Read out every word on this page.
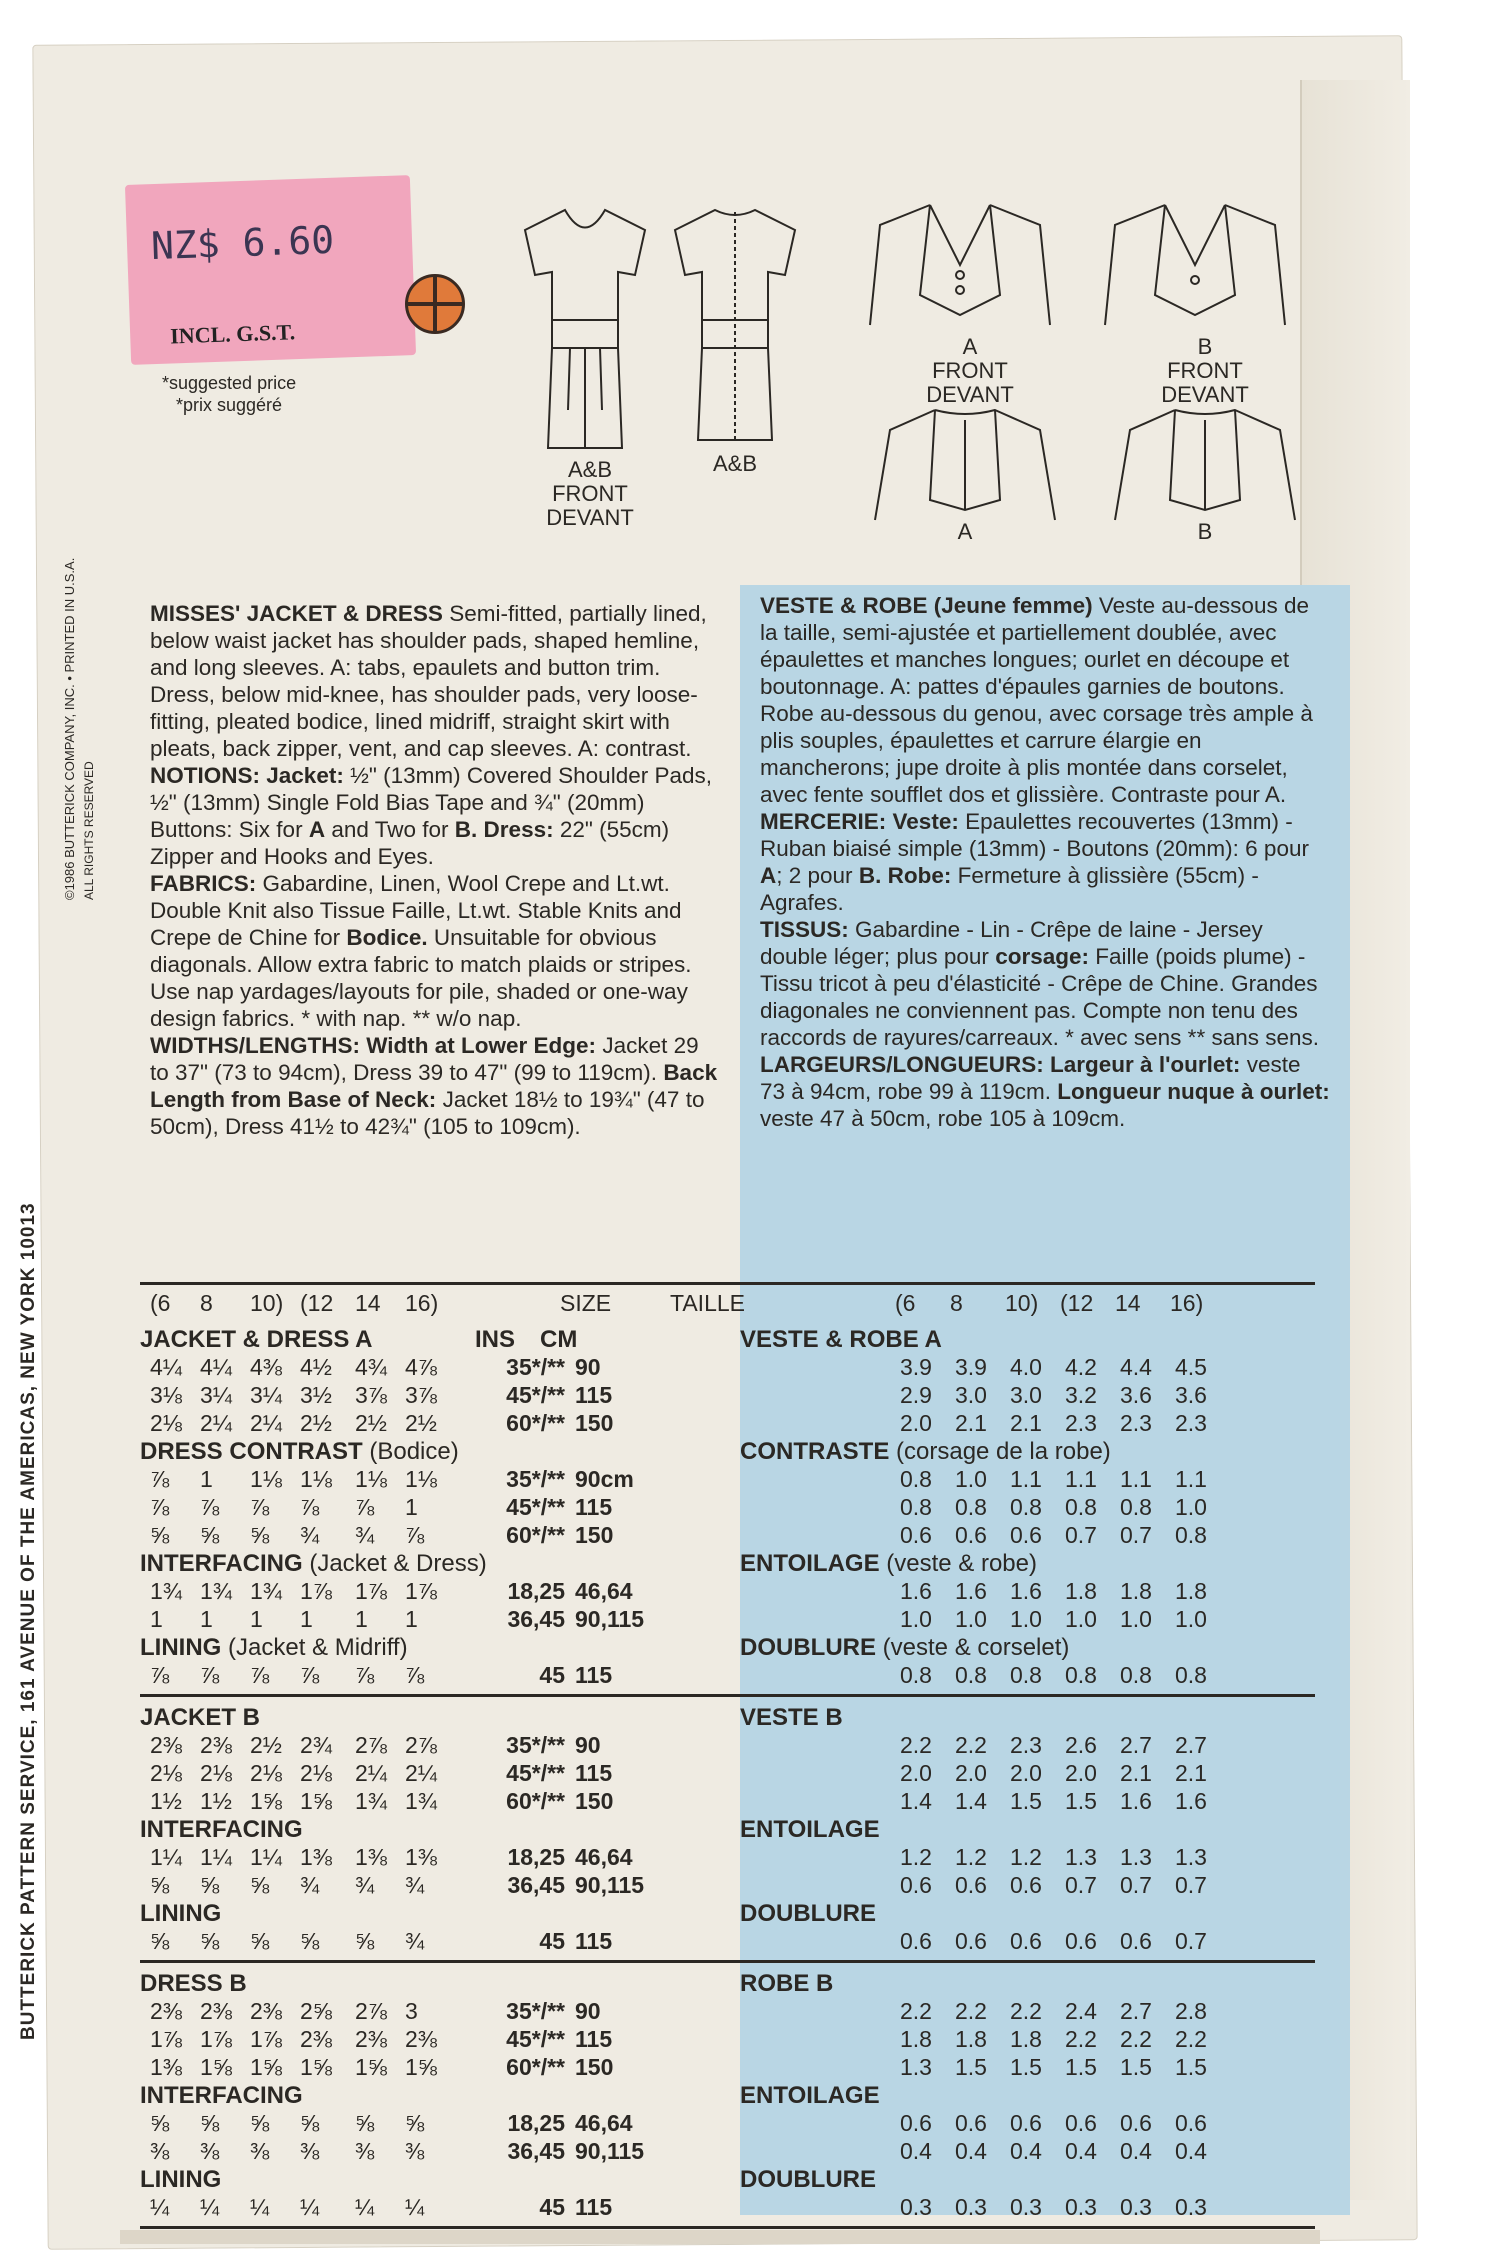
NZ$ 6.60
INCL. G.S.T.
*suggested price
*prix suggéré
BUTTERICK PATTERN SERVICE, 161 AVENUE OF THE AMERICAS, NEW YORK 10013
©1986 BUTTERICK COMPANY, INC. • PRINTED IN U.S.A. ALL RIGHTS RESERVED
A&B
FRONT
DEVANT
A&B
A
FRONT
DEVANT
B
FRONT
DEVANT
A	B

MISSES' JACKET & DRESS Semi-fitted, partially lined, below waist jacket has shoulder pads, shaped hemline, and long sleeves. A: tabs, epaulets and button trim. Dress, below mid-knee, has shoulder pads, very loose-fitting, pleated bodice, lined midriff, straight skirt with pleats, back zipper, vent, and cap sleeves. A: contrast.

NOTIONS: Jacket: ½" (13mm) Covered Shoulder Pads, ½" (13mm) Single Fold Bias Tape and ¾" (20mm) Buttons: Six for A and Two for B. Dress: 22" (55cm) Zipper and Hooks and Eyes.

FABRICS: Gabardine, Linen, Wool Crepe and Lt.wt. Double Knit also Tissue Faille, Lt.wt. Stable Knits and Crepe de Chine for Bodice. Unsuitable for obvious diagonals. Allow extra fabric to match plaids or stripes. Use nap yardages/layouts for pile, shaded or one-way design fabrics. * with nap. ** w/o nap.

WIDTHS/LENGTHS: Width at Lower Edge: Jacket 29 to 37" (73 to 94cm), Dress 39 to 47" (99 to 119cm). Back Length from Base of Neck: Jacket 18½ to 19¾" (47 to 50cm), Dress 41½ to 42¾" (105 to 109cm).

VESTE & ROBE (Jeune femme) Veste au-dessous de la taille, semi-ajustée et partiellement doublée, avec épaulettes et manches longues; ourlet en découpe et boutonnage. A: pattes d'épaules garnies de boutons. Robe au-dessous du genou, avec corsage très ample à plis souples, épaulettes et carrure élargie en mancherons; jupe droite à plis montée dans corselet, avec fente soufflet dos et glissière. Contraste pour A.

MERCERIE: Veste: Epaulettes recouvertes (13mm) - Ruban biaisé simple (13mm) - Boutons (20mm): 6 pour A; 2 pour B. Robe: Fermeture à glissière (55cm) - Agrafes.

TISSUS: Gabardine - Lin - Crêpe de laine - Jersey double léger; plus pour corsage: Faille (poids plume) - Tissu tricot à peu d'élasticité - Crêpe de Chine. Grandes diagonales ne conviennent pas. Compte non tenu des raccords de rayures/carreaux. * avec sens ** sans sens.

LARGEURS/LONGUEURS: Largeur à l'ourlet: veste 73 à 94cm, robe 99 à 119cm. Longueur nuque à ourlet: veste 47 à 50cm, robe 105 à 109cm.

(6 8 10) (12 14 16)	SIZE	TAILLE	(6 8 10) (12 14 16)
JACKET & DRESS A	INS CM	VESTE & ROBE A
4¼ 4¼ 4⅜ 4½ 4¾ 4⅞	35*/** 90	3.9 3.9 4.0 4.2 4.4 4.5
3⅛ 3¼ 3¼ 3½ 3⅞ 3⅞	45*/** 115	2.9 3.0 3.0 3.2 3.6 3.6
2⅛ 2¼ 2¼ 2½ 2½ 2½	60*/** 150	2.0 2.1 2.1 2.3 2.3 2.3
DRESS CONTRAST (Bodice)	CONTRASTE (corsage de la robe)
⅞ 1 1⅛ 1⅛ 1⅛ 1⅛	35*/** 90cm	0.8 1.0 1.1 1.1 1.1 1.1
⅞ ⅞ ⅞ ⅞ ⅞ 1	45*/** 115	0.8 0.8 0.8 0.8 0.8 1.0
⅝ ⅝ ⅝ ¾ ¾ ⅞	60*/** 150	0.6 0.6 0.6 0.7 0.7 0.8
INTERFACING (Jacket & Dress)	ENTOILAGE (veste & robe)
1¾ 1¾ 1¾ 1⅞ 1⅞ 1⅞	18,25 46,64	1.6 1.6 1.6 1.8 1.8 1.8
1 1 1 1 1 1	36,45 90,115	1.0 1.0 1.0 1.0 1.0 1.0
LINING (Jacket & Midriff)	DOUBLURE (veste & corselet)
⅞ ⅞ ⅞ ⅞ ⅞ ⅞	45 115	0.8 0.8 0.8 0.8 0.8 0.8
JACKET B	VESTE B
2⅜ 2⅜ 2½ 2¾ 2⅞ 2⅞	35*/** 90	2.2 2.2 2.3 2.6 2.7 2.7
2⅛ 2⅛ 2⅛ 2⅛ 2¼ 2¼	45*/** 115	2.0 2.0 2.0 2.0 2.1 2.1
1½ 1½ 1⅝ 1⅝ 1¾ 1¾	60*/** 150	1.4 1.4 1.5 1.5 1.6 1.6
INTERFACING	ENTOILAGE
1¼ 1¼ 1¼ 1⅜ 1⅜ 1⅜	18,25 46,64	1.2 1.2 1.2 1.3 1.3 1.3
⅝ ⅝ ⅝ ¾ ¾ ¾	36,45 90,115	0.6 0.6 0.6 0.7 0.7 0.7
LINING	DOUBLURE
⅝ ⅝ ⅝ ⅝ ⅝ ¾	45 115	0.6 0.6 0.6 0.6 0.6 0.7
DRESS B	ROBE B
2⅜ 2⅜ 2⅜ 2⅝ 2⅞ 3	35*/** 90	2.2 2.2 2.2 2.4 2.7 2.8
1⅞ 1⅞ 1⅞ 2⅜ 2⅜ 2⅜	45*/** 115	1.8 1.8 1.8 2.2 2.2 2.2
1⅜ 1⅝ 1⅝ 1⅝ 1⅝ 1⅝	60*/** 150	1.3 1.5 1.5 1.5 1.5 1.5
INTERFACING	ENTOILAGE
⅝ ⅝ ⅝ ⅝ ⅝ ⅝	18,25 46,64	0.6 0.6 0.6 0.6 0.6 0.6
⅜ ⅜ ⅜ ⅜ ⅜ ⅜	36,45 90,115	0.4 0.4 0.4 0.4 0.4 0.4
LINING	DOUBLURE
¼ ¼ ¼ ¼ ¼ ¼	45 115	0.3 0.3 0.3 0.3 0.3 0.3
